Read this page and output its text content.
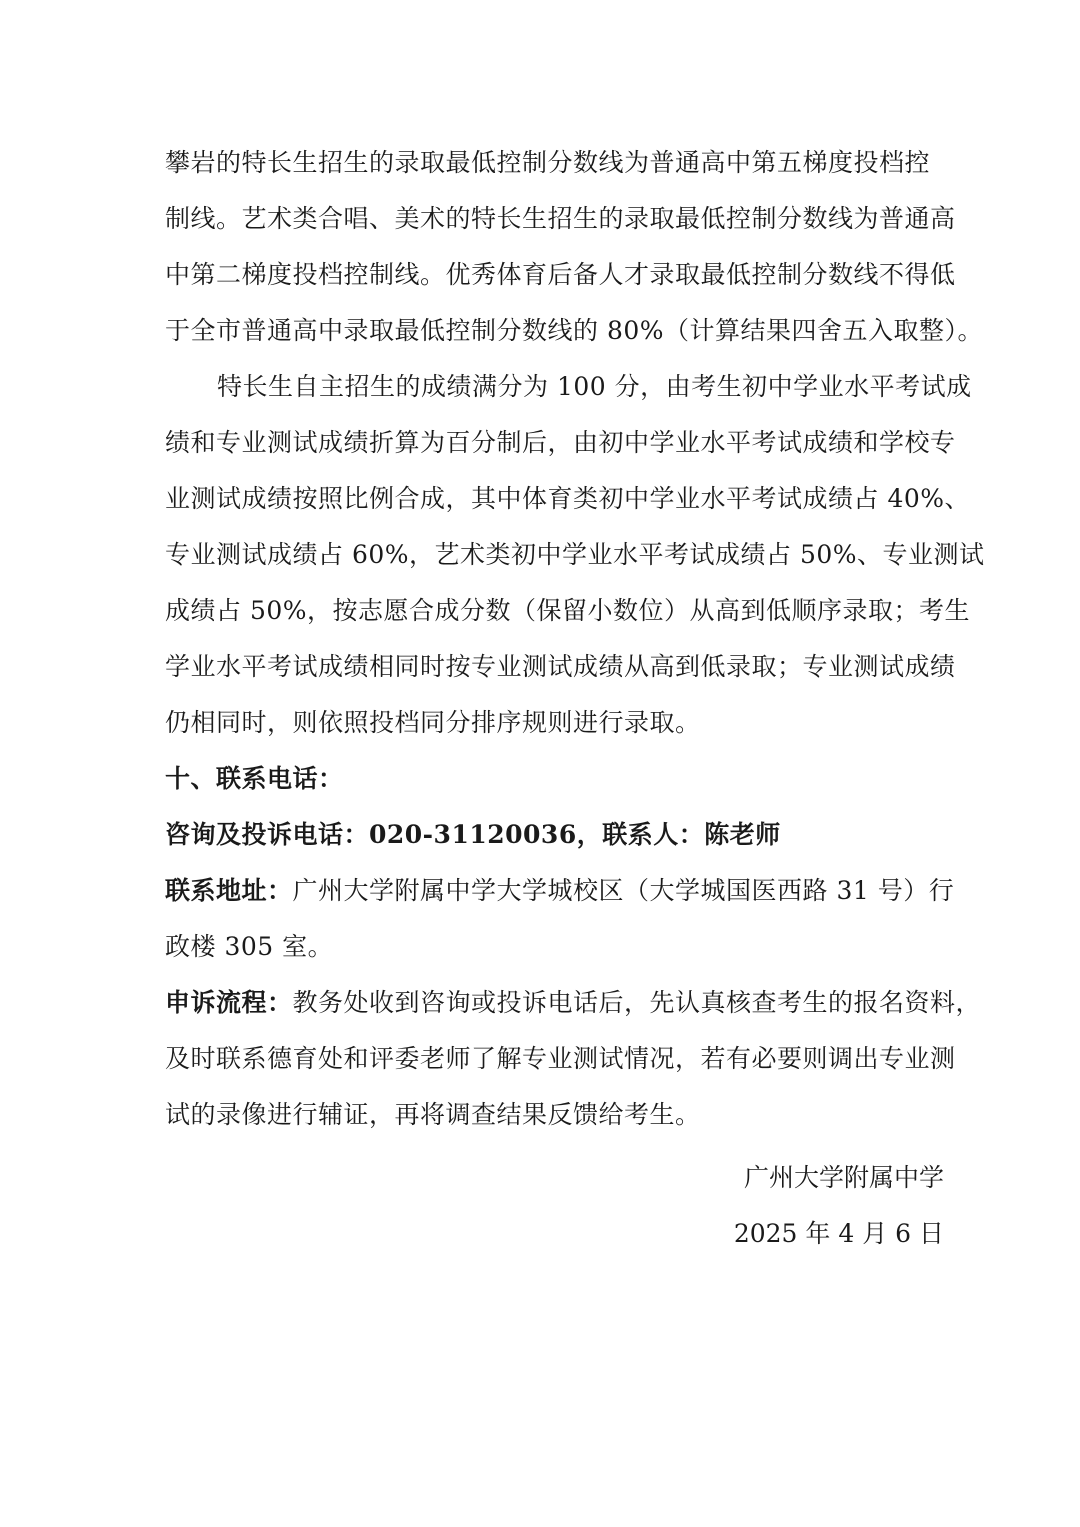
攀岩的特长生招生的录取最低控制分数线为普通高中第五梯度投档控
制线。艺术类合唱、美术的特长生招生的录取最低控制分数线为普通高
中第二梯度投档控制线。优秀体育后备人才录取最低控制分数线不得低
于全市普通高中录取最低控制分数线的 80%（计算结果四舍五入取整）。
特长生自主招生的成绩满分为 100 分，由考生初中学业水平考试成
绩和专业测试成绩折算为百分制后，由初中学业水平考试成绩和学校专
业测试成绩按照比例合成，其中体育类初中学业水平考试成绩占 40%、
专业测试成绩占 60%，艺术类初中学业水平考试成绩占 50%、专业测试
成绩占 50%，按志愿合成分数（保留小数位）从高到低顺序录取；考生
学业水平考试成绩相同时按专业测试成绩从高到低录取；专业测试成绩
仍相同时，则依照投档同分排序规则进行录取。
十、联系电话：
咨询及投诉电话：020-31120036，联系人：陈老师
联系地址：广州大学附属中学大学城校区（大学城国医西路 31 号）行
政楼 305 室。
申诉流程：教务处收到咨询或投诉电话后，先认真核查考生的报名资料，
及时联系德育处和评委老师了解专业测试情况，若有必要则调出专业测
试的录像进行辅证，再将调查结果反馈给考生。
广州大学附属中学
2025 年 4 月 6 日
